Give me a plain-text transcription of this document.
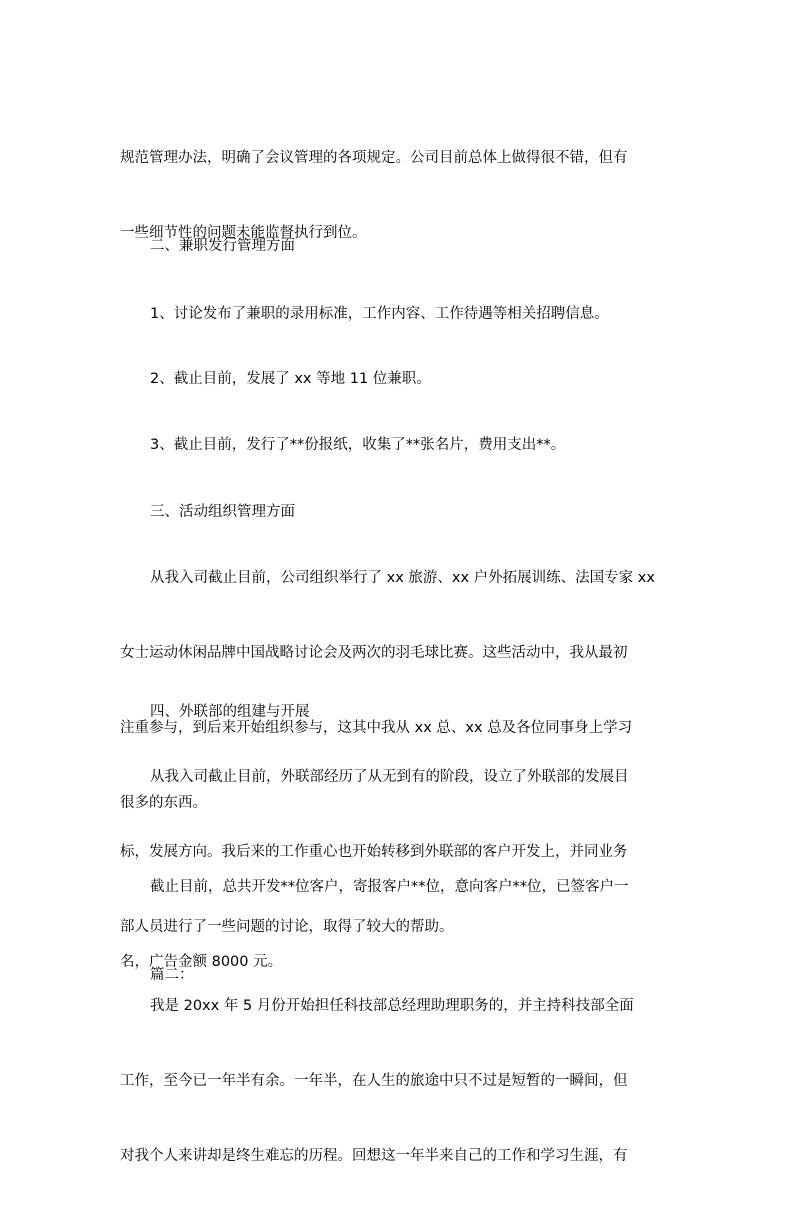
规范管理办法，明确了会议管理的各项规定。公司目前总体上做得很不错，但有

一些细节性的问题未能监督执行到位。

二、兼职发行管理方面

1、讨论发布了兼职的录用标准，工作内容、工作待遇等相关招聘信息。

2、截止目前，发展了 xx 等地 11 位兼职。

3、截止目前，发行了**份报纸，收集了**张名片，费用支出**。

三、活动组织管理方面

从我入司截止目前，公司组织举行了 xx 旅游、xx 户外拓展训练、法国专家 xx

女士运动休闲品牌中国战略讨论会及两次的羽毛球比赛。这些活动中，我从最初

注重参与，到后来开始组织参与，这其中我从 xx 总、xx 总及各位同事身上学习

很多的东西。

四、外联部的组建与开展

从我入司截止目前，外联部经历了从无到有的阶段，设立了外联部的发展目

标，发展方向。我后来的工作重心也开始转移到外联部的客户开发上，并同业务

部人员进行了一些问题的讨论，取得了较大的帮助。

截止目前，总共开发**位客户，寄报客户**位，意向客户**位，已签客户一

名，广告金额 8000 元。

篇二：

我是 20xx 年 5 月份开始担任科技部总经理助理职务的，并主持科技部全面

工作，至今已一年半有余。一年半，在人生的旅途中只不过是短暂的一瞬间，但

对我个人来讲却是终生难忘的历程。回想这一年半来自己的工作和学习生涯，有
